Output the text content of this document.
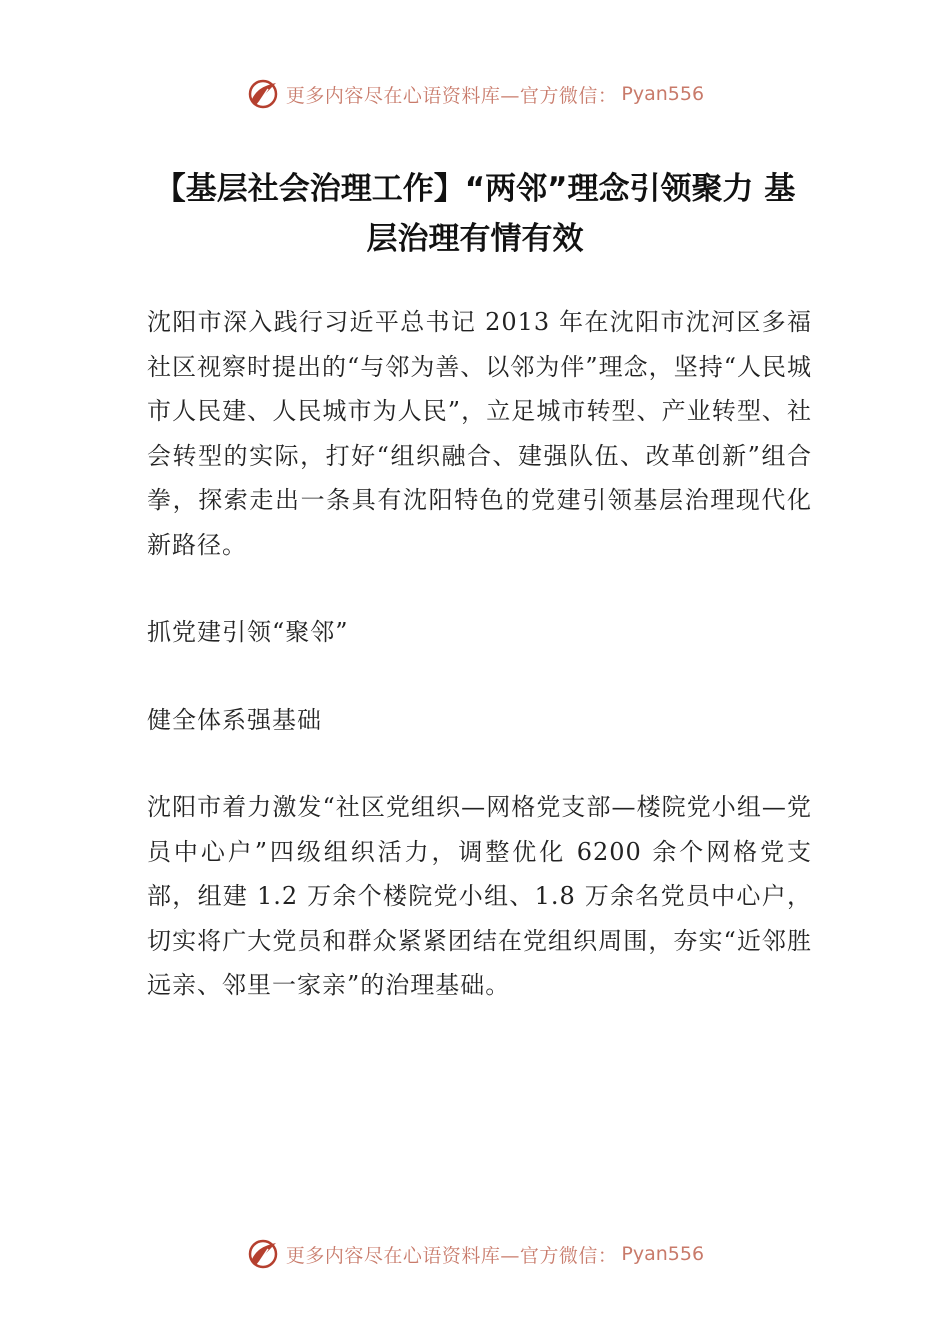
更多内容尽在心语资料库—官方微信： Pyan556
【基层社会治理工作】“两邻”理念引领聚力 基层治理有情有效

沈阳市深入践行习近平总书记 2013 年在沈阳市沈河区多福社区视察时提出的“与邻为善、以邻为伴”理念，坚持“人民城市人民建、人民城市为人民”，立足城市转型、产业转型、社会转型的实际，打好“组织融合、建强队伍、改革创新”组合拳，探索走出一条具有沈阳特色的党建引领基层治理现代化新路径。

抓党建引领“聚邻”

健全体系强基础

沈阳市着力激发“社区党组织—网格党支部—楼院党小组—党员中心户”四级组织活力，调整优化 6200 余个网格党支部，组建 1.2 万余个楼院党小组、1.8 万余名党员中心户，切实将广大党员和群众紧紧团结在党组织周围，夯实“近邻胜远亲、邻里一家亲”的治理基础。

更多内容尽在心语资料库—官方微信： Pyan556
